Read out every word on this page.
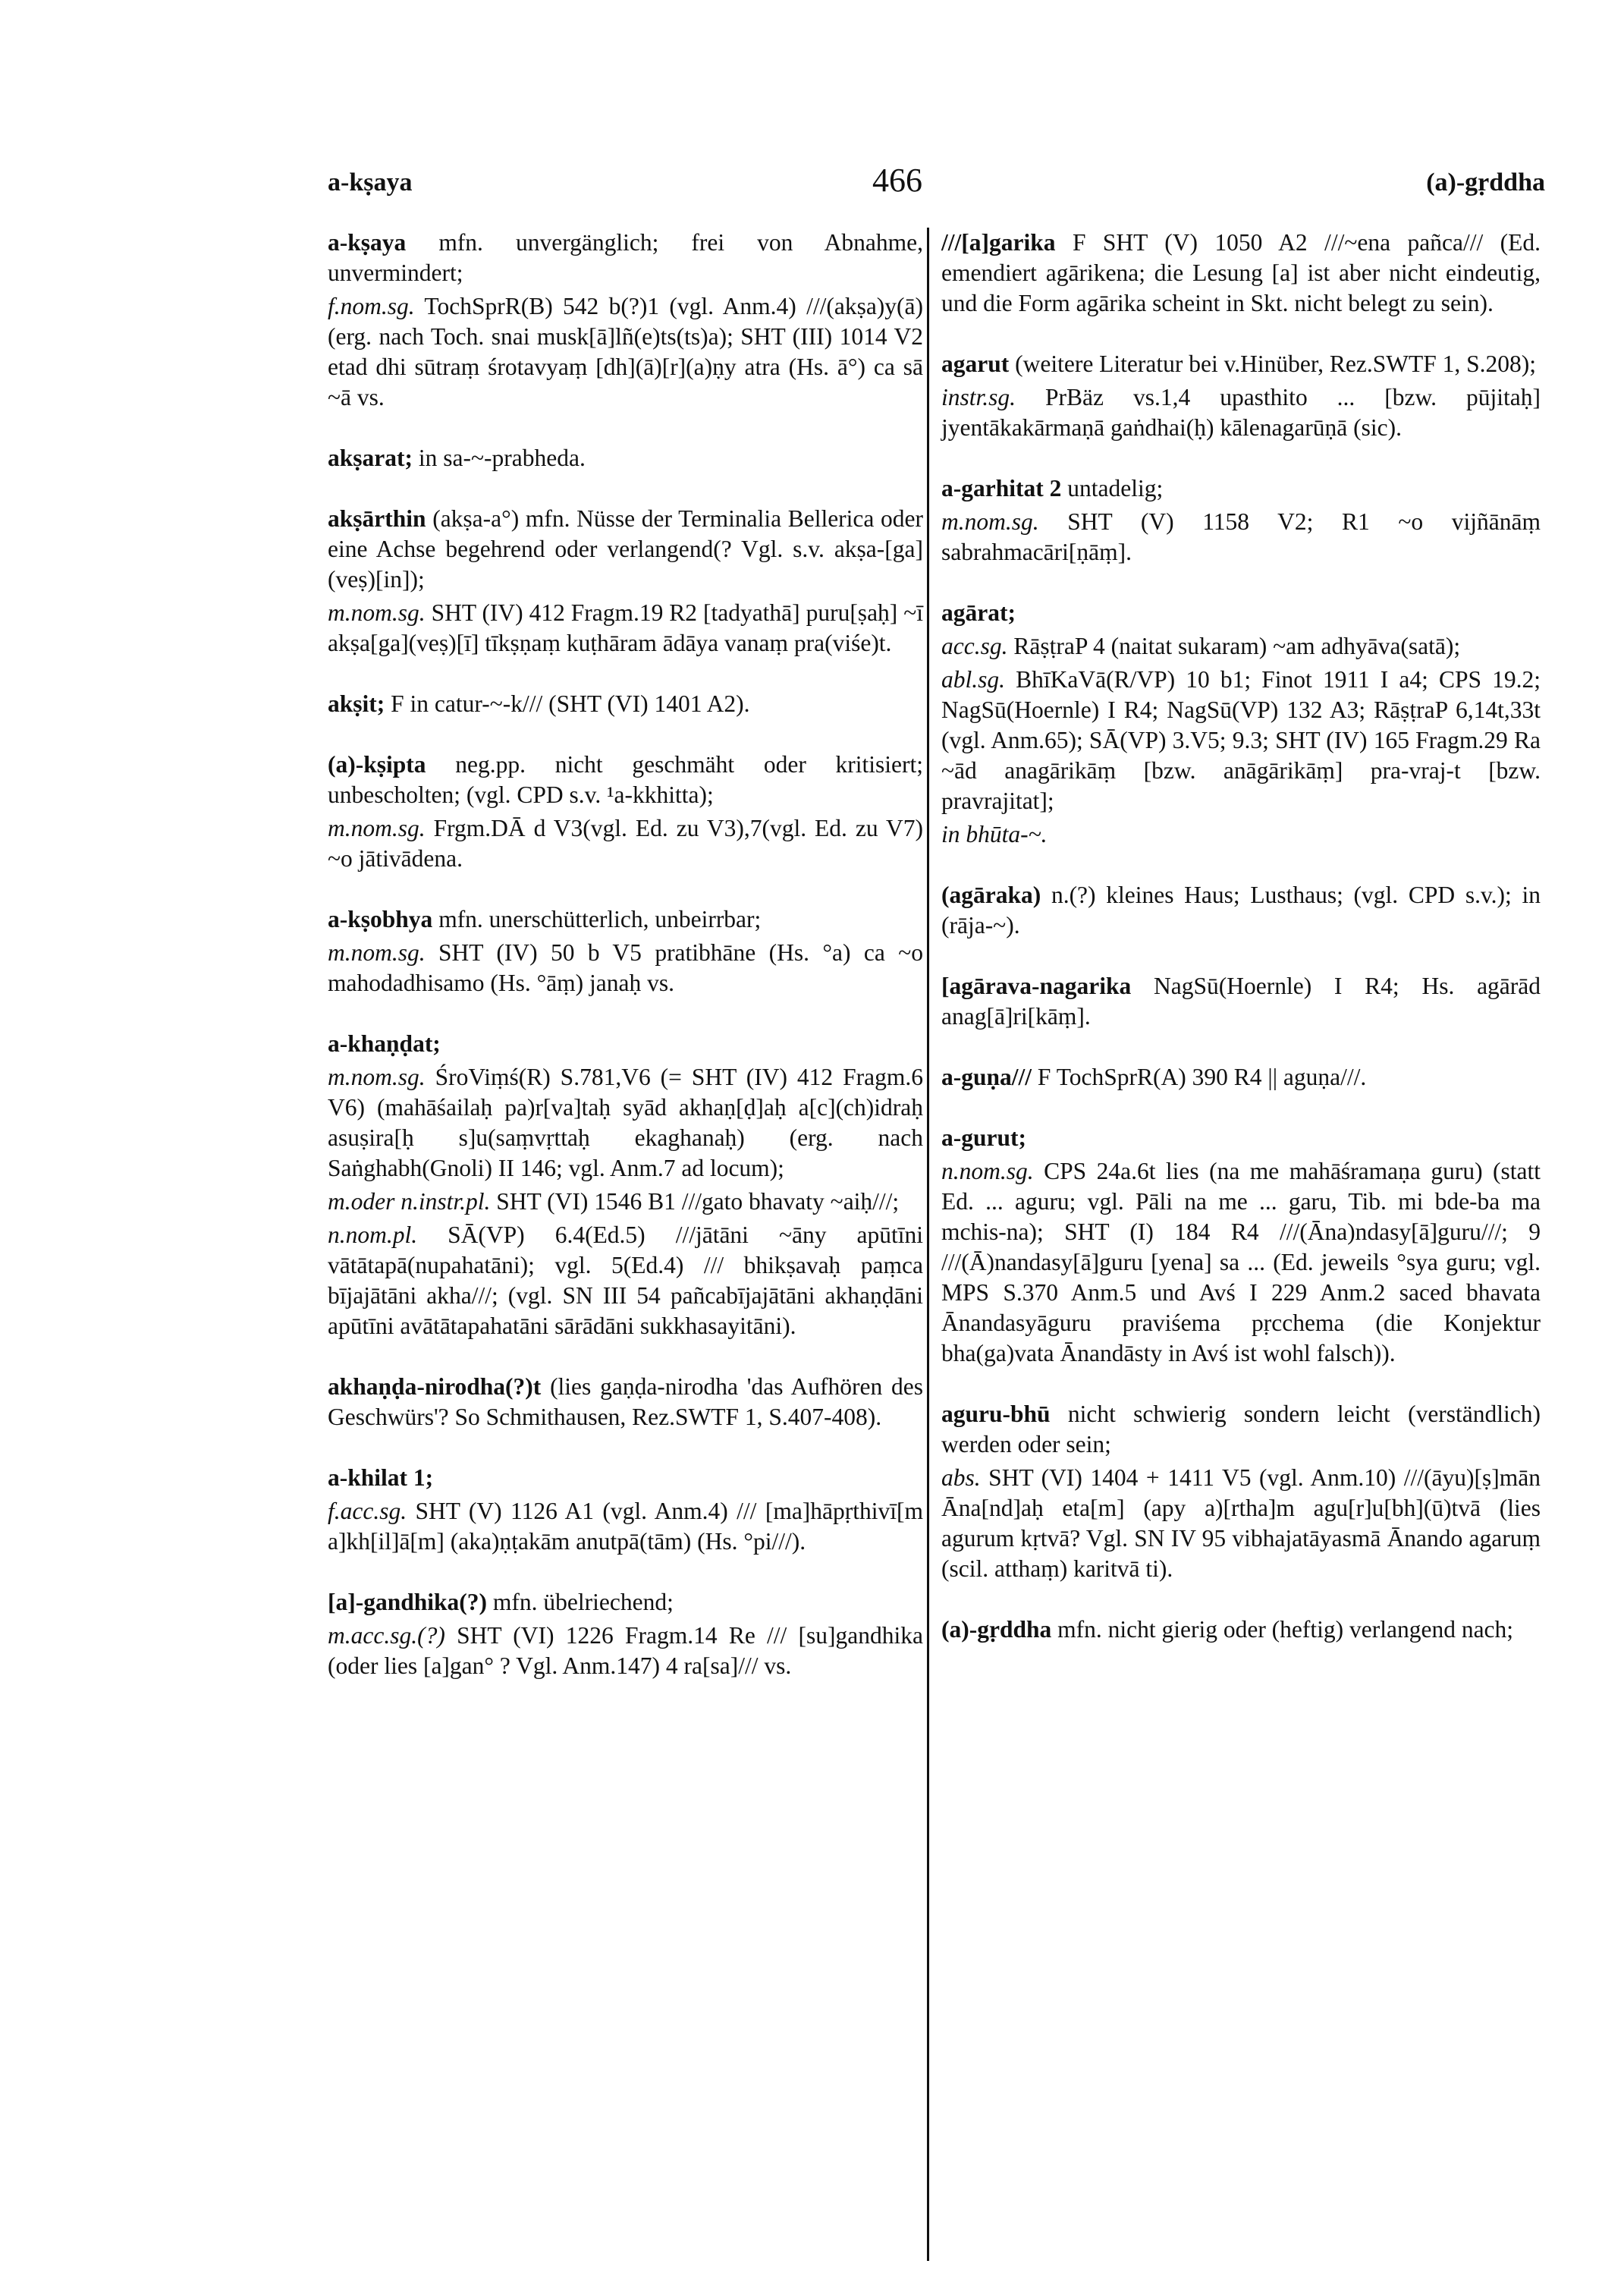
a-kṣaya	466	(a)-gṛddha

a-kṣaya mfn. unvergänglich; frei von Abnahme, unvermindert;

f.nom.sg. TochSprR(B) 542 b(?)1 (vgl. Anm.4) ///(akṣa)y(ā) (erg. nach Toch. snai musk[ā]lñ(e)ts(ts)a); SHT (III) 1014 V2 etad dhi sūtraṃ śrotavyaṃ [dh](ā)[r](a)ṇy atra (Hs. ā°) ca sā ~ā vs.

akṣarat; in sa-~-prabheda.

akṣārthin (akṣa-a°) mfn. Nüsse der Terminalia Bellerica oder eine Achse begehrend oder verlangend(? Vgl. s.v. akṣa-[ga](veṣ)[in]);

m.nom.sg. SHT (IV) 412 Fragm.19 R2 [tadyathā] puru[ṣaḥ] ~ī akṣa[ga](veṣ)[ī] tīkṣṇaṃ kuṭhāram ādāya vanaṃ pra(viśe)t.

akṣit; F in catur-~-k/// (SHT (VI) 1401 A2).

(a)-kṣipta neg.pp. nicht geschmäht oder kritisiert; unbescholten; (vgl. CPD s.v. ¹a-kkhitta);

m.nom.sg. Frgm.DĀ d V3(vgl. Ed. zu V3),7(vgl. Ed. zu V7) ~o jātivādena.

a-kṣobhya mfn. unerschütterlich, unbeirrbar;

m.nom.sg. SHT (IV) 50 b V5 pratibhāne (Hs. °a) ca ~o mahodadhisamo (Hs. °āṃ) janaḥ vs.

a-khaṇḍat;

m.nom.sg. ŚroViṃś(R) S.781,V6 (= SHT (IV) 412 Fragm.6 V6) (mahāśailaḥ pa)r[va]taḥ syād akhaṇ[ḍ]aḥ a[c](ch)idraḥ asuṣira[ḥ s]u(saṃvṛttaḥ ekaghanaḥ) (erg. nach Saṅghabh(Gnoli) II 146; vgl. Anm.7 ad locum);

m.oder n.instr.pl. SHT (VI) 1546 B1 ///gato bhavaty ~aiḥ///;

n.nom.pl. SĀ(VP) 6.4(Ed.5) ///jātāni ~āny apūtīni vātātapā(nupahatāni); vgl. 5(Ed.4) /// bhikṣavaḥ paṃca bījajātāni akha///; (vgl. SN III 54 pañcabījajātāni akhaṇḍāni apūtīni avātātapahatāni sārādāni sukkhasayitāni).

akhaṇḍa-nirodha(?)t (lies gaṇḍa-nirodha 'das Aufhören des Geschwürs'? So Schmithausen, Rez.SWTF 1, S.407-408).

a-khilat 1;

f.acc.sg. SHT (V) 1126 A1 (vgl. Anm.4) /// [ma]hāpṛthivī[m a]kh[il]ā[m] (aka)ṇṭakām anutpā(tām) (Hs. °pi///).

[a]-gandhika(?) mfn. übelriechend;

m.acc.sg.(?) SHT (VI) 1226 Fragm.14 Re /// [su]gandhika (oder lies [a]gan° ? Vgl. Anm.147) 4 ra[sa]/// vs.

///[a]garika F SHT (V) 1050 A2 ///~ena pañca/// (Ed. emendiert agārikena; die Lesung [a] ist aber nicht eindeutig, und die Form agārika scheint in Skt. nicht belegt zu sein).

agarut (weitere Literatur bei v.Hinüber, Rez.SWTF 1, S.208);

instr.sg. PrBäz vs.1,4 upasthito ... [bzw. pūjitaḥ] jyentākakārmaṇā gaṅdhai(ḥ) kālenagarūṇā (sic).

a-garhitat 2 untadelig;

m.nom.sg. SHT (V) 1158 V2; R1 ~o vijñānāṃ sabrahmacāri[ṇāṃ].

agārat;

acc.sg. RāṣṭraP 4 (naitat sukaram) ~am adhyāva(satā);

abl.sg. BhīKaVā(R/VP) 10 b1; Finot 1911 I a4; CPS 19.2; NagSū(Hoernle) I R4; NagSū(VP) 132 A3; RāṣṭraP 6,14t,33t (vgl. Anm.65); SĀ(VP) 3.V5; 9.3; SHT (IV) 165 Fragm.29 Ra ~ād anagārikāṃ [bzw. anāgārikāṃ] pra-vraj-t [bzw. pravrajitat];

in bhūta-~.

(agāraka) n.(?) kleines Haus; Lusthaus; (vgl. CPD s.v.); in (rāja-~).

[agārava-nagarika NagSū(Hoernle) I R4; Hs. agārād anag[ā]ri[kāṃ].

a-guṇa/// F TochSprR(A) 390 R4 || aguṇa///.

a-gurut;

n.nom.sg. CPS 24a.6t lies (na me mahāśramaṇa guru) (statt Ed. ... aguru; vgl. Pāli na me ... garu, Tib. mi bde-ba ma mchis-na); SHT (I) 184 R4 ///(Āna)ndasy[ā]guru///; 9 ///(Ā)nandasy[ā]guru [yena] sa ... (Ed. jeweils °sya guru; vgl. MPS S.370 Anm.5 und Avś I 229 Anm.2 saced bhavata Ānandasyāguru praviśema pṛcchema (die Konjektur bha(ga)vata Ānandāsty in Avś ist wohl falsch)).

aguru-bhū nicht schwierig sondern leicht (verständlich) werden oder sein;

abs. SHT (VI) 1404 + 1411 V5 (vgl. Anm.10) ///(āyu)[ṣ]mān Āna[nd]aḥ eta[m] (apy a)[rtha]m agu[r]u[bh](ū)tvā (lies agurum kṛtvā? Vgl. SN IV 95 vibhajatāyasmā Ānando agaruṃ (scil. atthaṃ) karitvā ti).

(a)-gṛddha mfn. nicht gierig oder (heftig) verlangend nach;
